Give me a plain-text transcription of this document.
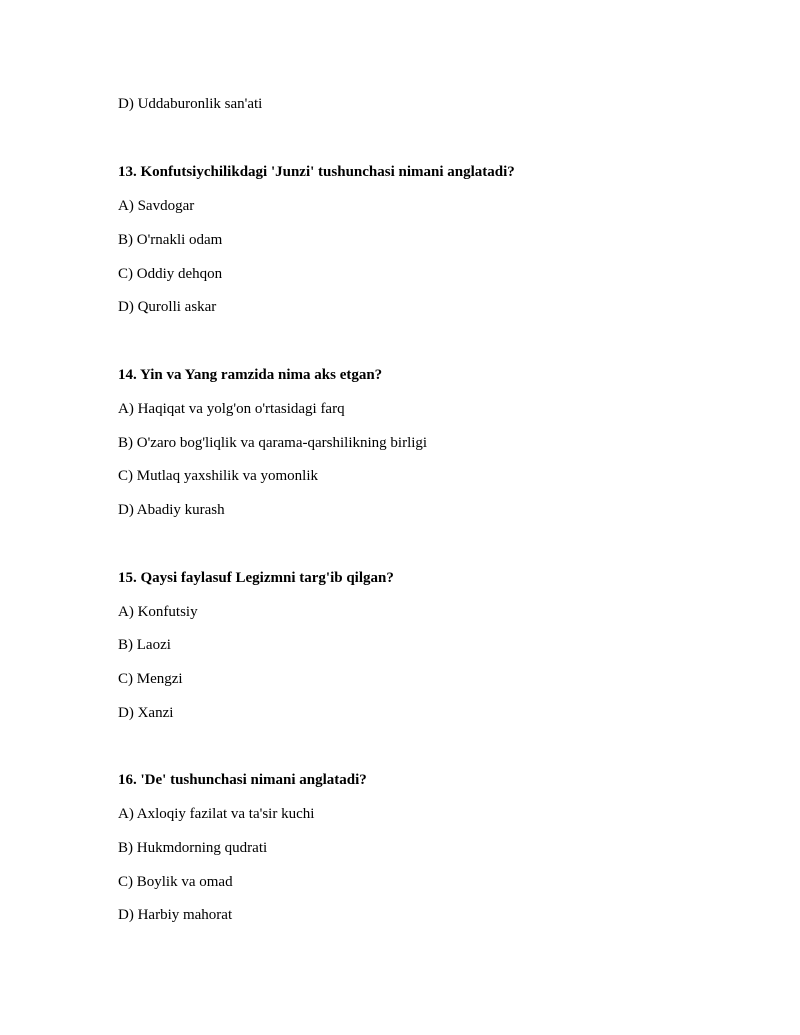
D) Uddaburonlik san'ati
13. Konfutsiychilikdagi 'Junzi' tushunchasi nimani anglatadi?
A) Savdogar
B) O'rnakli odam
C) Oddiy dehqon
D) Qurolli askar
14. Yin va Yang ramzida nima aks etgan?
A) Haqiqat va yolg'on o'rtasidagi farq
B) O'zaro bog'liqlik va qarama-qarshilikning birligi
C) Mutlaq yaxshilik va yomonlik
D) Abadiy kurash
15. Qaysi faylasuf Legizmni targ'ib qilgan?
A) Konfutsiy
B) Laozi
C) Mengzi
D) Xanzi
16. 'De' tushunchasi nimani anglatadi?
A) Axloqiy fazilat va ta'sir kuchi
B) Hukmdorning qudrati
C) Boylik va omad
D) Harbiy mahorat
